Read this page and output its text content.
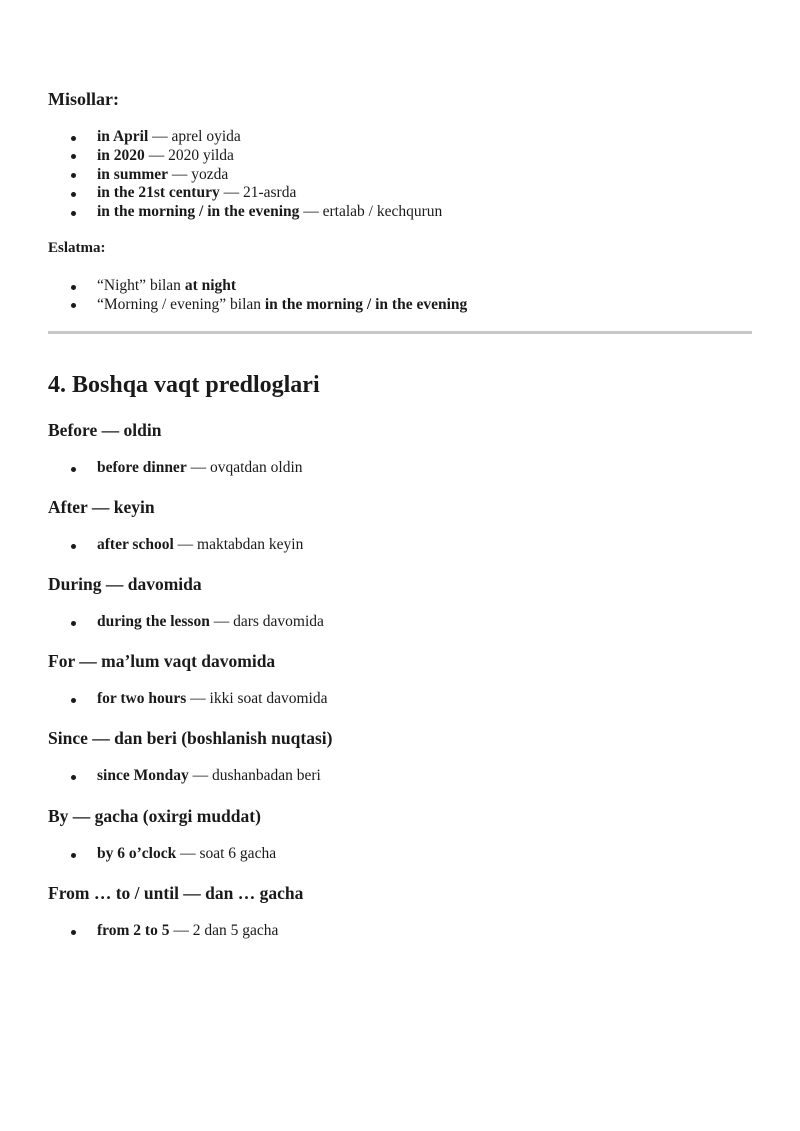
Misollar:
in April — aprel oyida
in 2020 — 2020 yilda
in summer — yozda
in the 21st century — 21-asrda
in the morning / in the evening — ertalab / kechqurun
Eslatma:
“Night” bilan at night
“Morning / evening” bilan in the morning / in the evening
4. Boshqa vaqt predloglari
Before — oldin
before dinner — ovqatdan oldin
After — keyin
after school — maktabdan keyin
During — davomida
during the lesson — dars davomida
For — ma’lum vaqt davomida
for two hours — ikki soat davomida
Since — dan beri (boshlanish nuqtasi)
since Monday — dushanbadan beri
By — gacha (oxirgi muddat)
by 6 o’clock — soat 6 gacha
From … to / until — dan … gacha
from 2 to 5 — 2 dan 5 gacha
